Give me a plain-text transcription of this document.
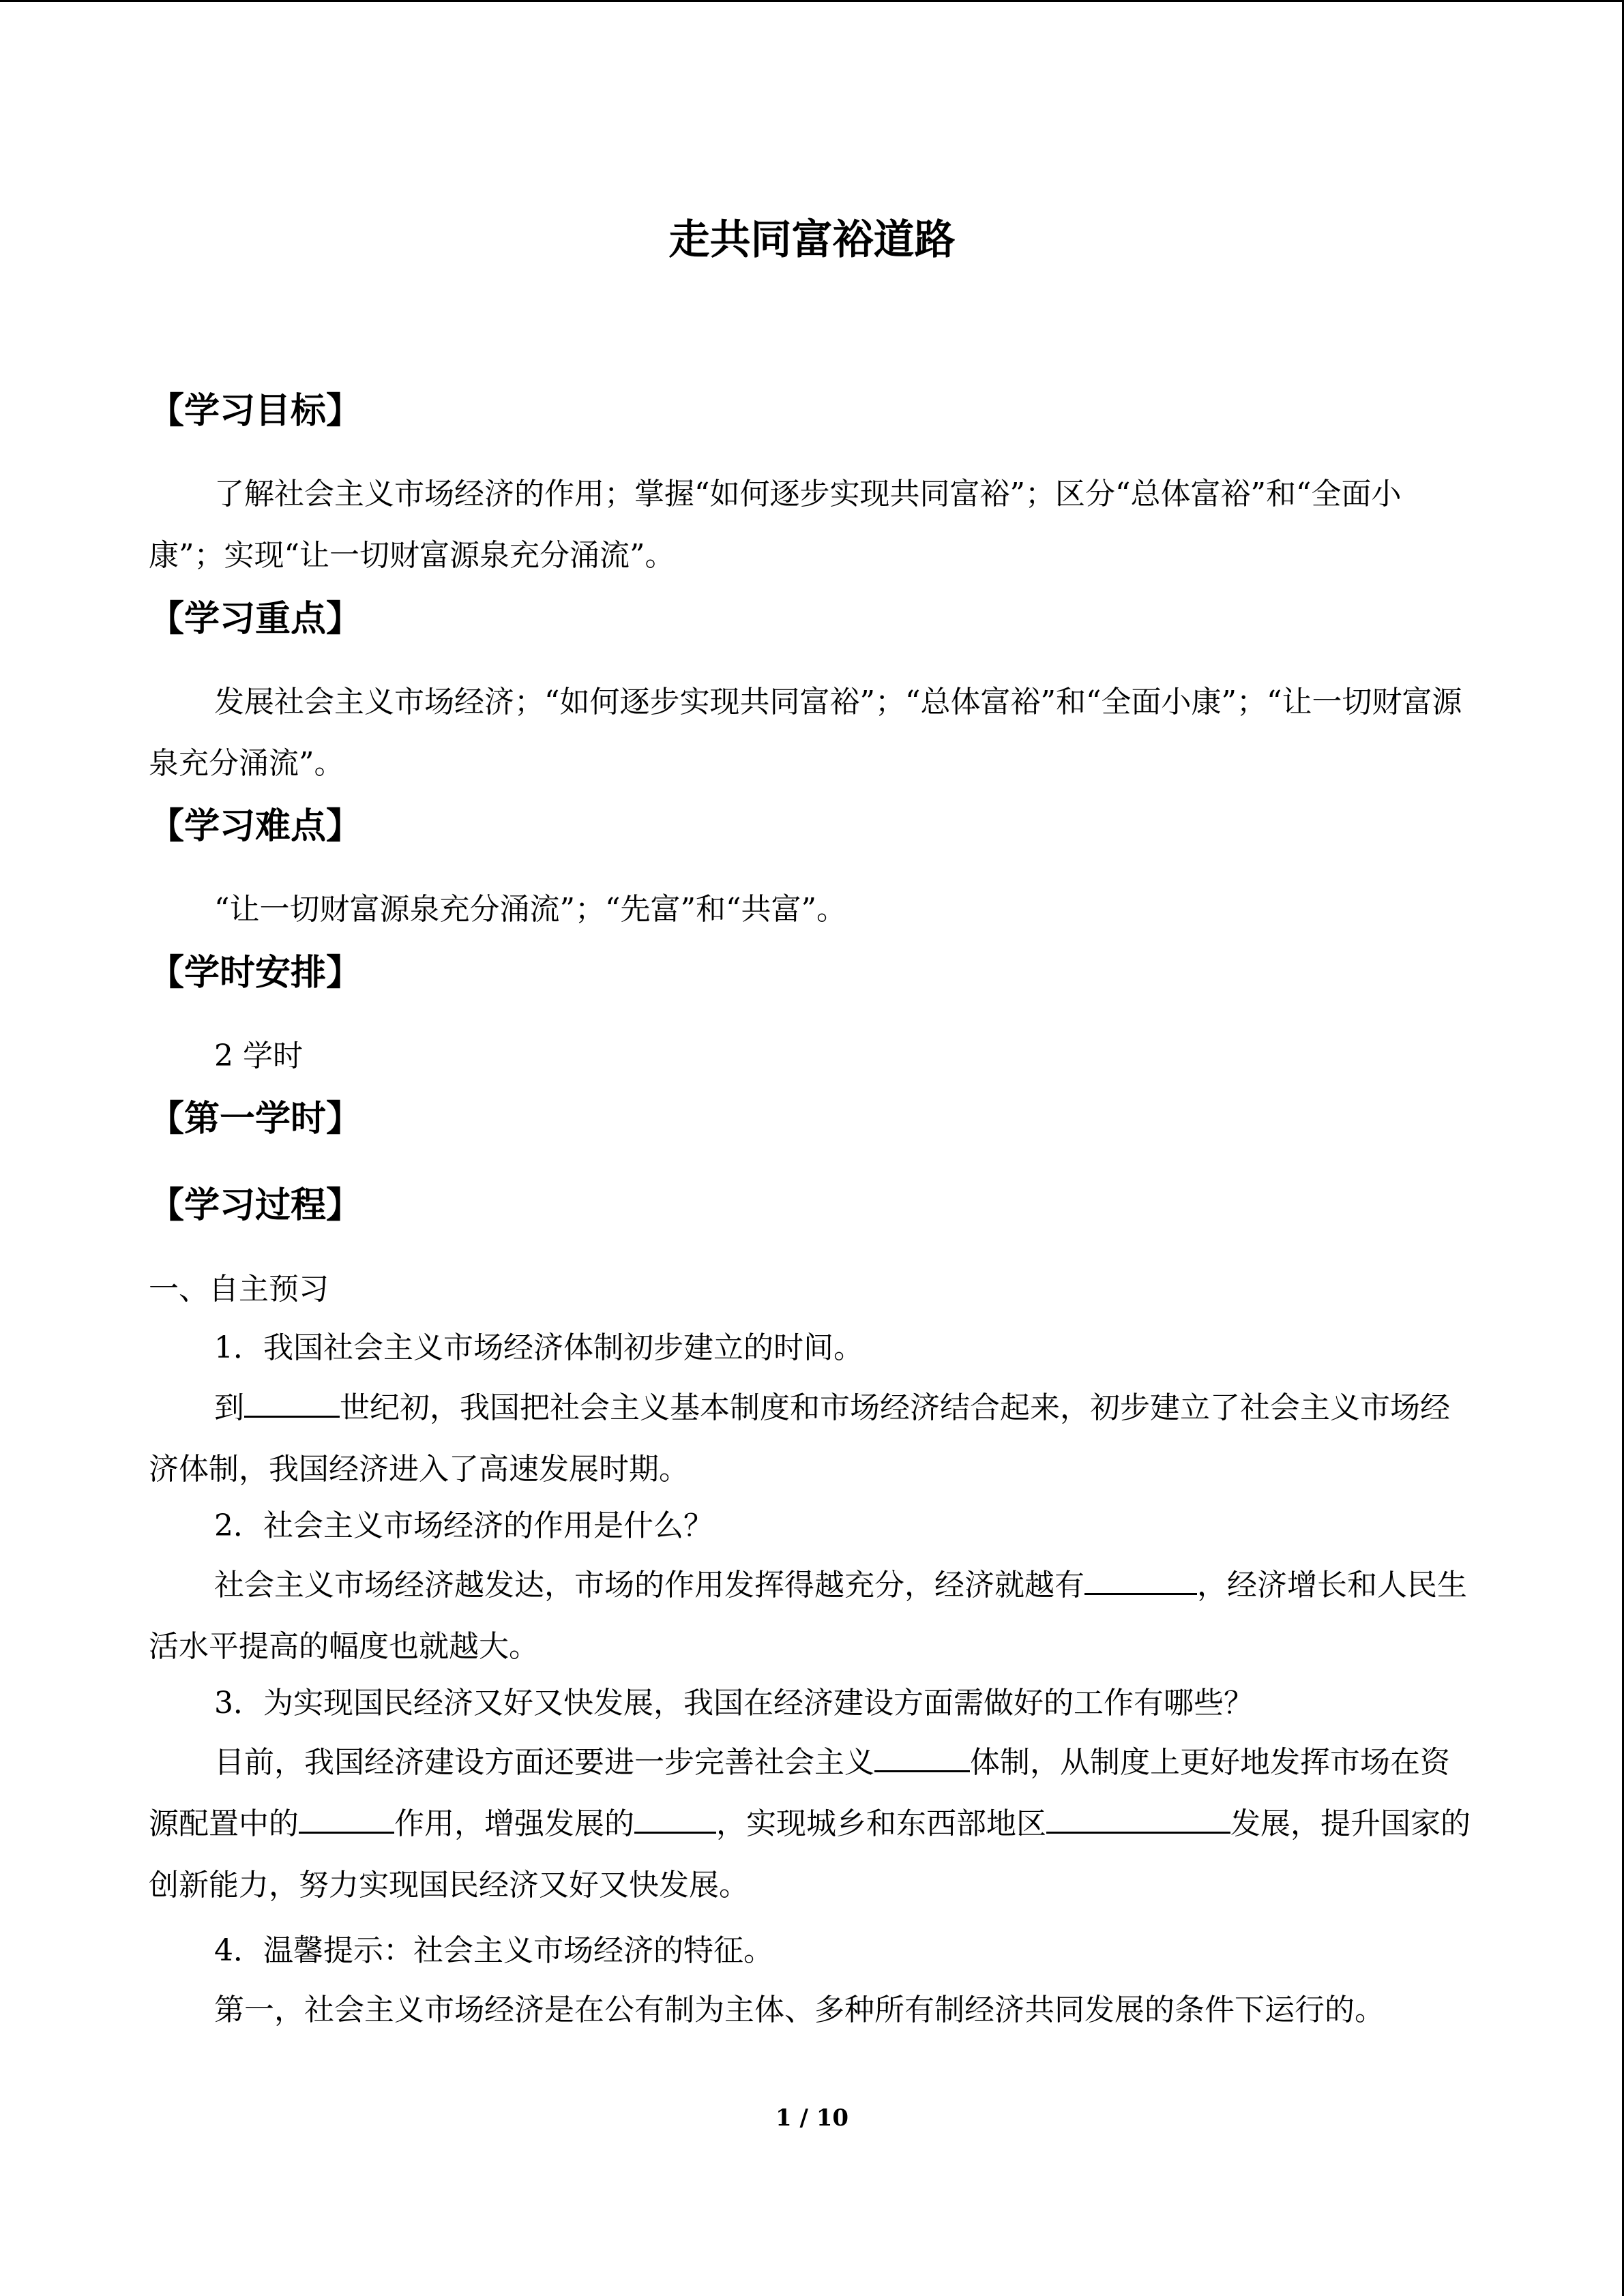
走共同富裕道路
【学习目标】
了解社会主义市场经济的作用；掌握“如何逐步实现共同富裕”；区分“总体富裕”和“全面小康”；实现“让一切财富源泉充分涌流”。
【学习重点】
发展社会主义市场经济；“如何逐步实现共同富裕”；“总体富裕”和“全面小康”；“让一切财富源泉充分涌流”。
【学习难点】
“让一切财富源泉充分涌流”；“先富”和“共富”。
【学时安排】
2 学时
【第一学时】
【学习过程】
一、自主预习
1．我国社会主义市场经济体制初步建立的时间。
到	世纪初，我国把社会主义基本制度和市场经济结合起来，初步建立了社会主义市场经济体制，我国经济进入了高速发展时期。
2．社会主义市场经济的作用是什么？
社会主义市场经济越发达，市场的作用发挥得越充分，经济就越有	，经济增长和人民生活水平提高的幅度也就越大。
3．为实现国民经济又好又快发展，我国在经济建设方面需做好的工作有哪些？
目前，我国经济建设方面还要进一步完善社会主义	体制，从制度上更好地发挥市场在资源配置中的	作用，增强发展的	，实现城乡和东西部地区	发展，提升国家的创新能力，努力实现国民经济又好又快发展。
4．温馨提示：社会主义市场经济的特征。
第一，社会主义市场经济是在公有制为主体、多种所有制经济共同发展的条件下运行的。
1 / 10
